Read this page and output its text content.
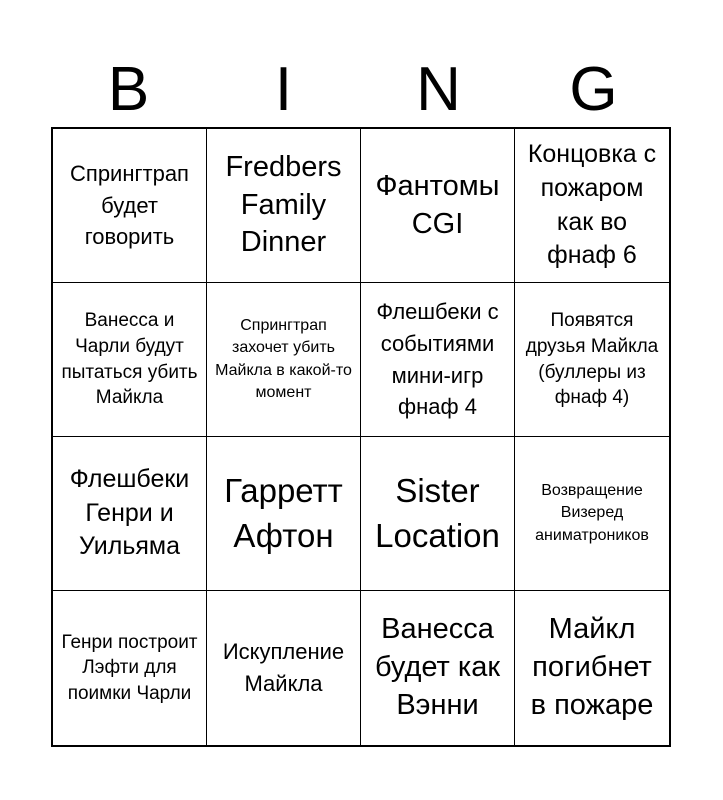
B	I	N	G
Спрингтрап будет говорить
Fredbers Family Dinner
Фантомы CGI
Концовка с пожаром как во фнаф 6
Ванесса и Чарли будут пытаться убить Майкла
Спрингтрап захочет убить Майкла в какой-то момент
Флешбеки с событиями мини-игр фнаф 4
Появятся друзья Майкла (буллеры из фнаф 4)
Флешбеки Генри и Уильяма
Гарретт Афтон
Sister Location
Возвращение Визеред аниматроников
Генри построит Лэфти для поимки Чарли
Искупление Майкла
Ванесса будет как Вэнни
Майкл погибнет в пожаре
